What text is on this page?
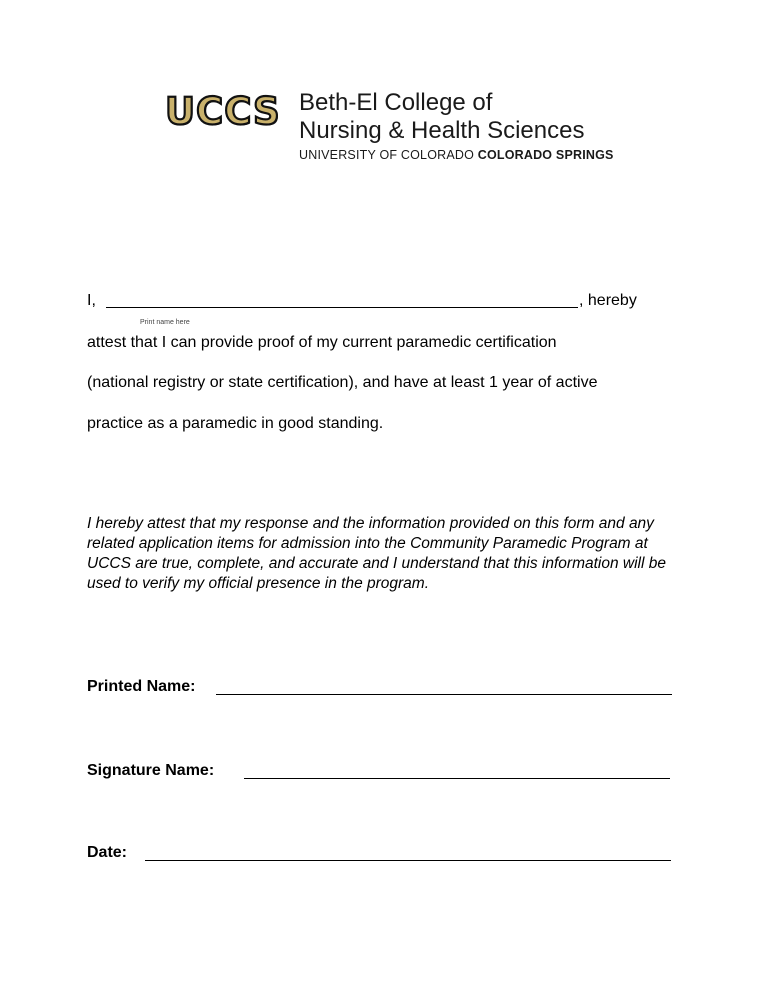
UCCS Beth-El College of
Nursing & Health Sciences
UNIVERSITY OF COLORADO COLORADO SPRINGS
I,	, hereby
Print name here
attest that I can provide proof of my current paramedic certification
(national registry or state certification), and have at least 1 year of active
practice as a paramedic in good standing.
I hereby attest that my response and the information provided on this form and any related application items for admission into the Community Paramedic Program at UCCS are true, complete, and accurate and I understand that this information will be used to verify my official presence in the program.
Printed Name:
Signature Name:
Date:
